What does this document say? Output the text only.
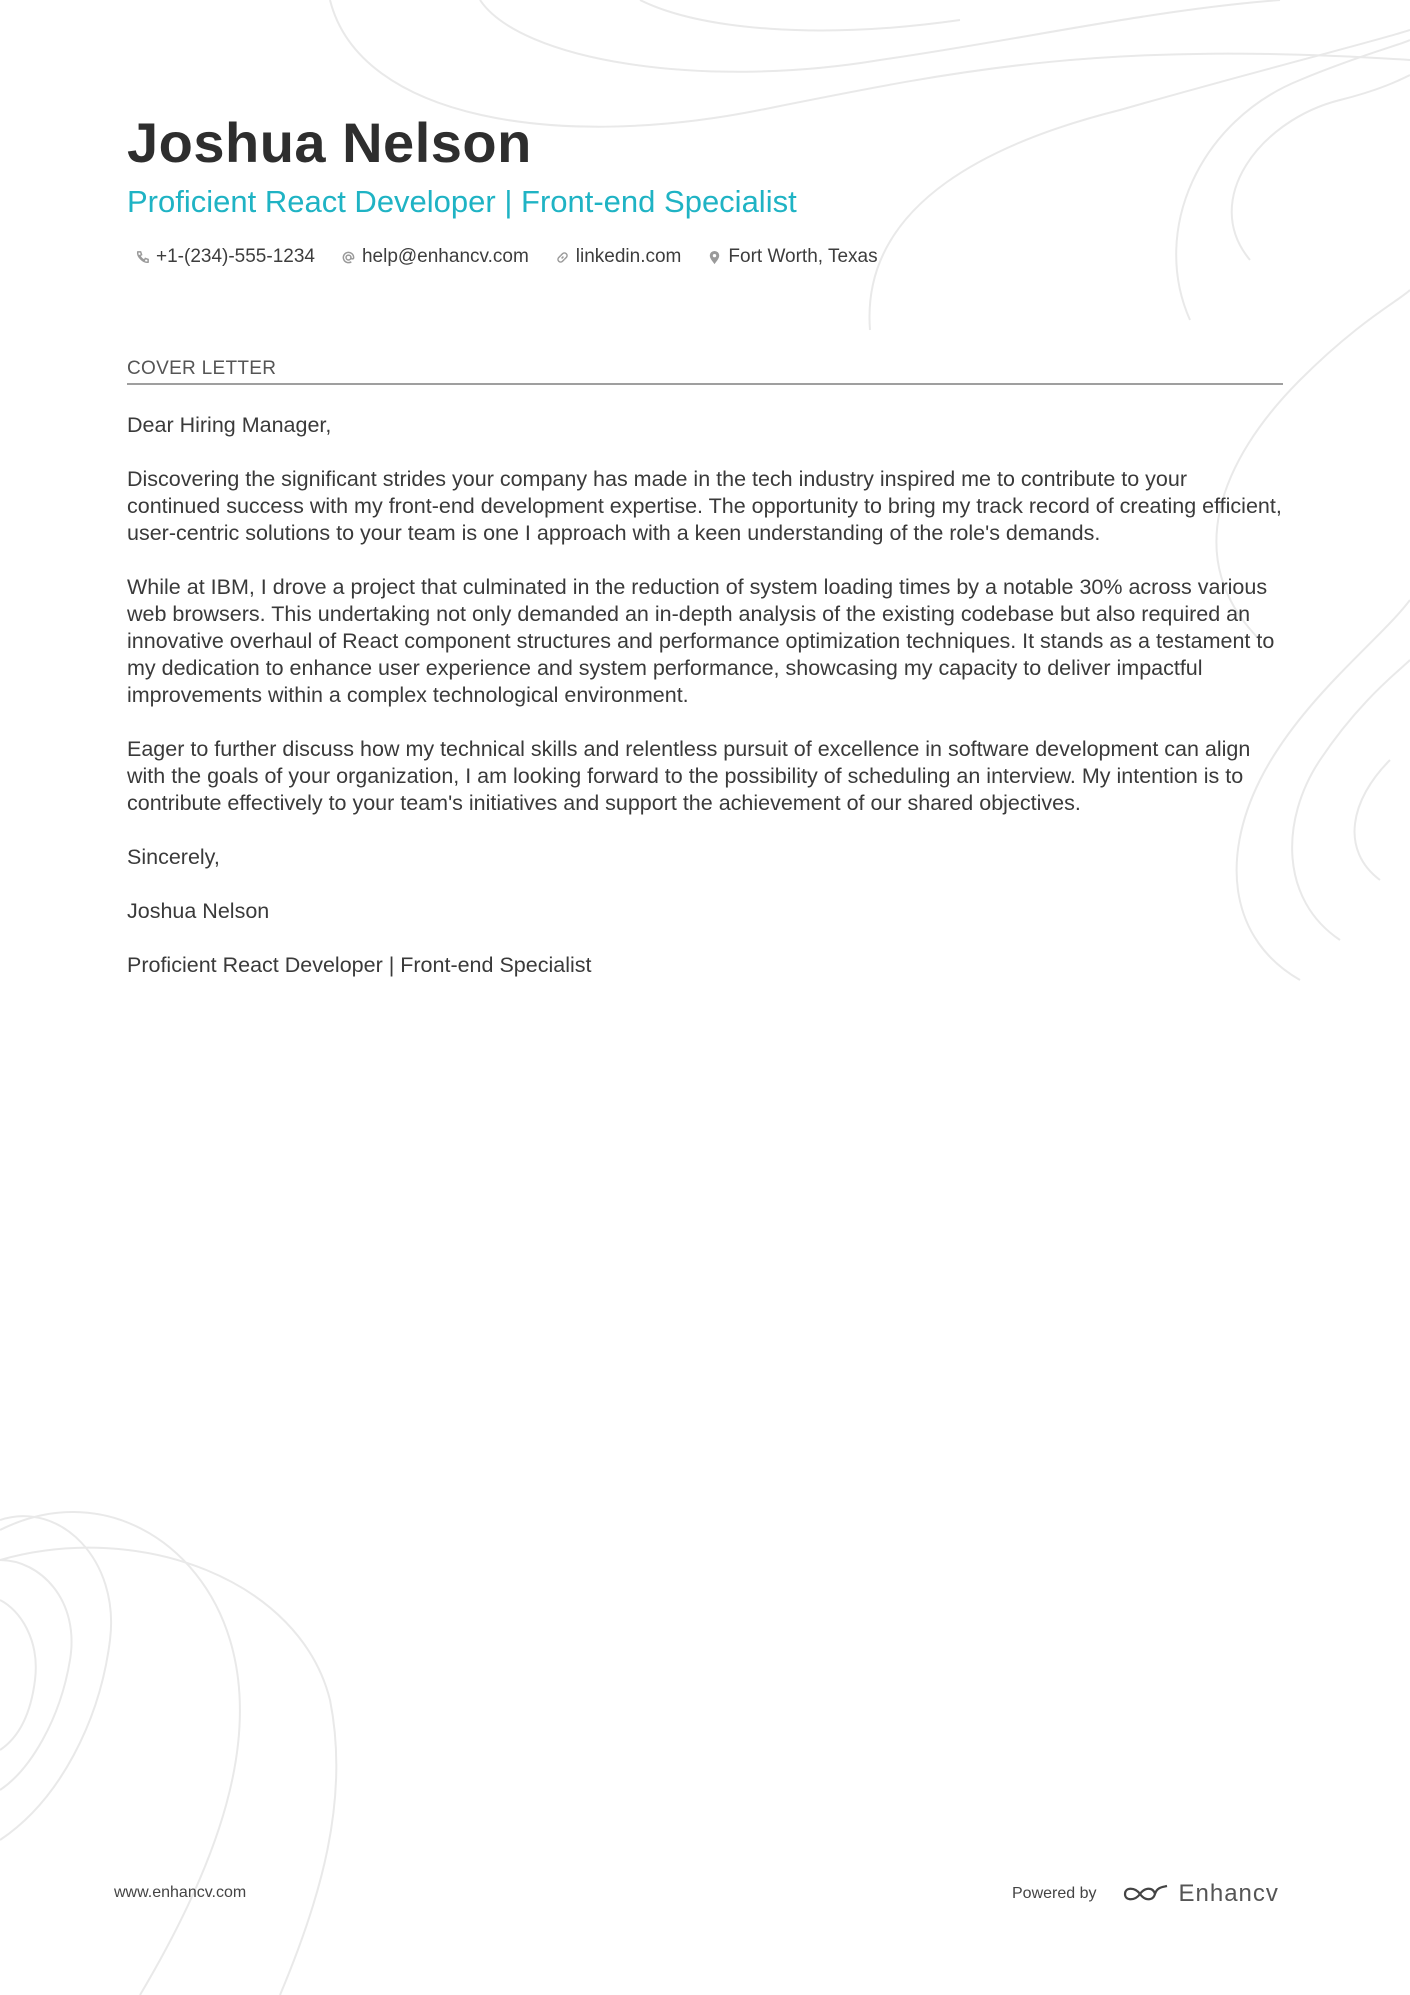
Joshua Nelson
Proficient React Developer | Front-end Specialist
+1-(234)-555-1234 help@enhancv.com linkedin.com Fort Worth, Texas
COVER LETTER

Dear Hiring Manager,

Discovering the significant strides your company has made in the tech industry inspired me to contribute to your continued success with my front-end development expertise. The opportunity to bring my track record of creating efficient, user-centric solutions to your team is one I approach with a keen understanding of the role's demands.

While at IBM, I drove a project that culminated in the reduction of system loading times by a notable 30% across various web browsers. This undertaking not only demanded an in-depth analysis of the existing codebase but also required an innovative overhaul of React component structures and performance optimization techniques. It stands as a testament to my dedication to enhance user experience and system performance, showcasing my capacity to deliver impactful improvements within a complex technological environment.

Eager to further discuss how my technical skills and relentless pursuit of excellence in software development can align with the goals of your organization, I am looking forward to the possibility of scheduling an interview. My intention is to contribute effectively to your team's initiatives and support the achievement of our shared objectives.

Sincerely,

Joshua Nelson

Proficient React Developer | Front-end Specialist

www.enhancv.com	Powered by	Enhancv
